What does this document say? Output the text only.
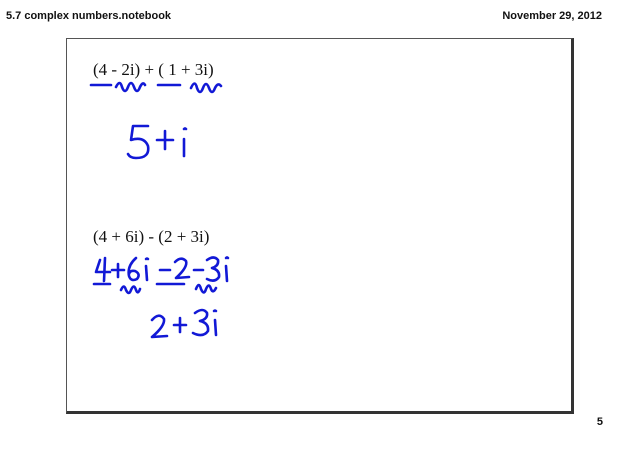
5.7 complex numbers.notebook	November 29, 2012
(4 - 2i) + ( 1 + 3i)
(4 + 6i) - (2 + 3i)
5
